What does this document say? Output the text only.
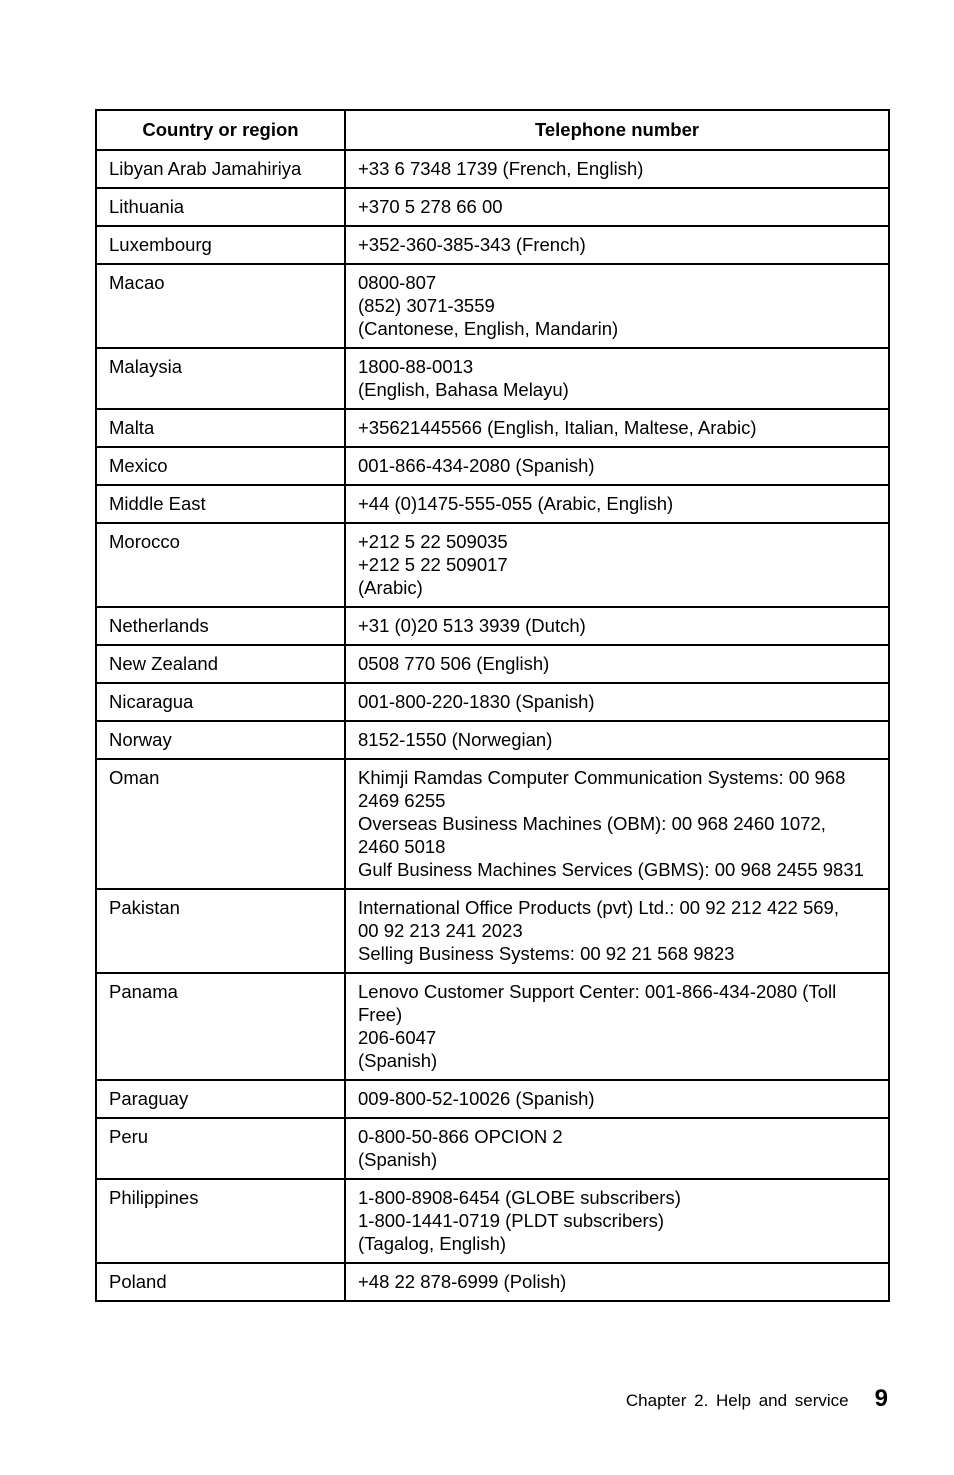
Country or region	Telephone number
Libyan Arab Jamahiriya	+33 6 7348 1739 (French, English)

Lithuania	+370 5 278 66 00

Luxembourg	+352-360-385-343 (French)

Macao	0800-807
(852) 3071-3559
(Cantonese, English, Mandarin)

Malaysia	1800-88-0013
(English, Bahasa Melayu)

Malta	+35621445566 (English, Italian, Maltese, Arabic)

Mexico	001-866-434-2080 (Spanish)

Middle East	+44 (0)1475-555-055 (Arabic, English)

Morocco	+212 5 22 509035
+212 5 22 509017
(Arabic)

Netherlands	+31 (0)20 513 3939 (Dutch)

New Zealand	0508 770 506 (English)

Nicaragua	001-800-220-1830 (Spanish)

Norway	8152-1550 (Norwegian)

Oman	Khimji Ramdas Computer Communication Systems: 00 968
2469 6255
Overseas Business Machines (OBM): 00 968 2460 1072,
2460 5018
Gulf Business Machines Services (GBMS): 00 968 2455 9831

Pakistan	International Office Products (pvt) Ltd.: 00 92 212 422 569,
00 92 213 241 2023
Selling Business Systems: 00 92 21 568 9823

Panama	Lenovo Customer Support Center: 001-866-434-2080 (Toll
Free)
206-6047
(Spanish)

Paraguay	009-800-52-10026 (Spanish)

Peru	0-800-50-866 OPCION 2
(Spanish)

Philippines	1-800-8908-6454 (GLOBE subscribers)
1-800-1441-0719 (PLDT subscribers)
(Tagalog, English)

Poland	+48 22 878-6999 (Polish)
Chapter 2. Help and service 9
